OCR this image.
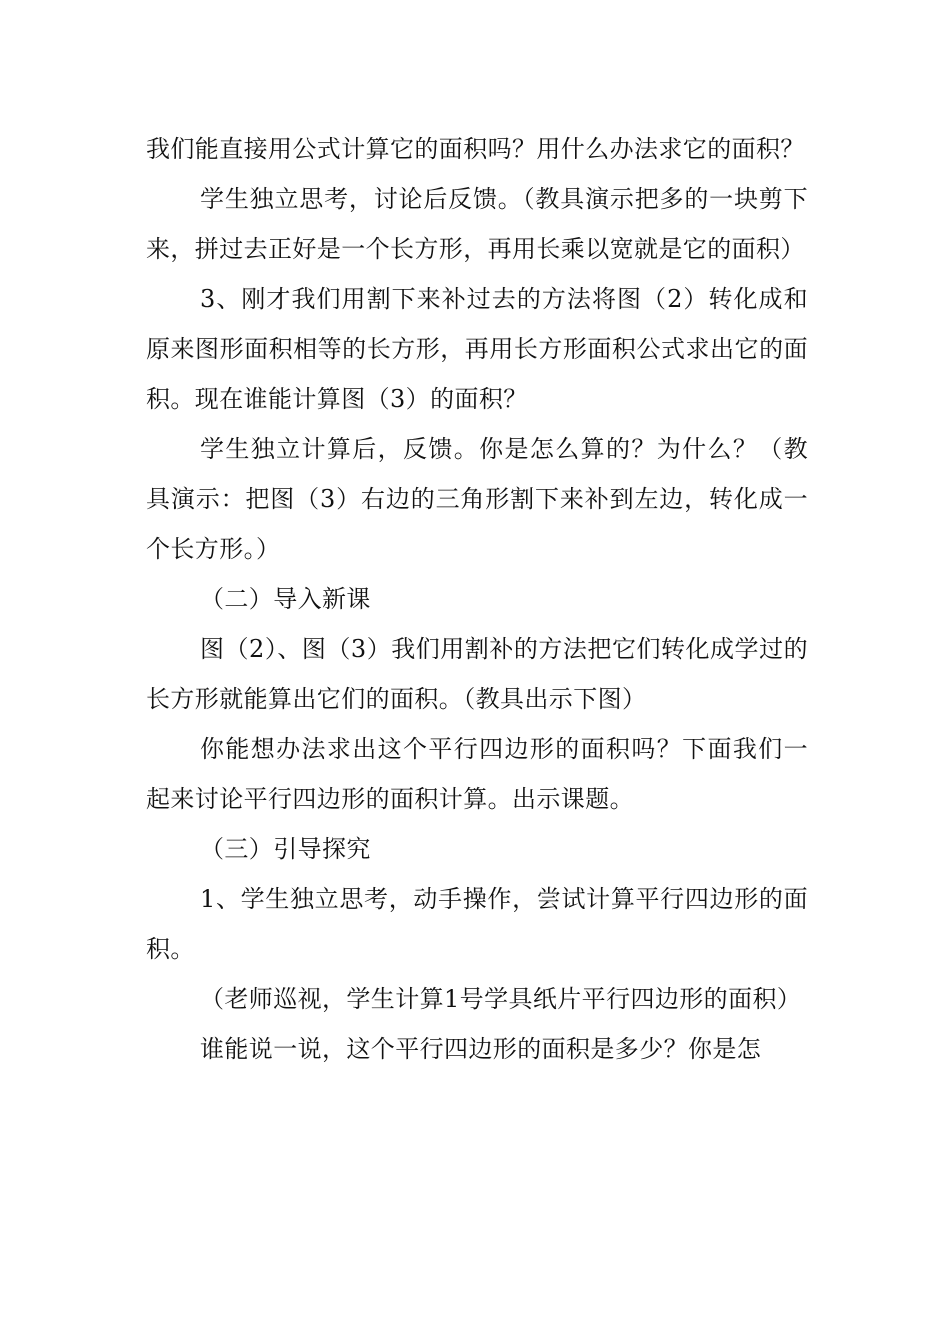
我们能直接用公式计算它的面积吗？用什么办法求它的面积？

学生独立思考，讨论后反馈。（教具演示把多的一块剪下来，拼过去正好是一个长方形，再用长乘以宽就是它的面积）

3、刚才我们用割下来补过去的方法将图（2）转化成和原来图形面积相等的长方形，再用长方形面积公式求出它的面积。现在谁能计算图（3）的面积？

学生独立计算后，反馈。你是怎么算的？为什么？（教具演示：把图（3）右边的三角形割下来补到左边，转化成一个长方形。）

（二）导入新课

图（2）、图（3）我们用割补的方法把它们转化成学过的长方形就能算出它们的面积。（教具出示下图）

你能想办法求出这个平行四边形的面积吗？下面我们一起来讨论平行四边形的面积计算。出示课题。

（三）引导探究

1、学生独立思考，动手操作，尝试计算平行四边形的面积。

（老师巡视，学生计算1号学具纸片平行四边形的面积）

谁能说一说，这个平行四边形的面积是多少？你是怎
